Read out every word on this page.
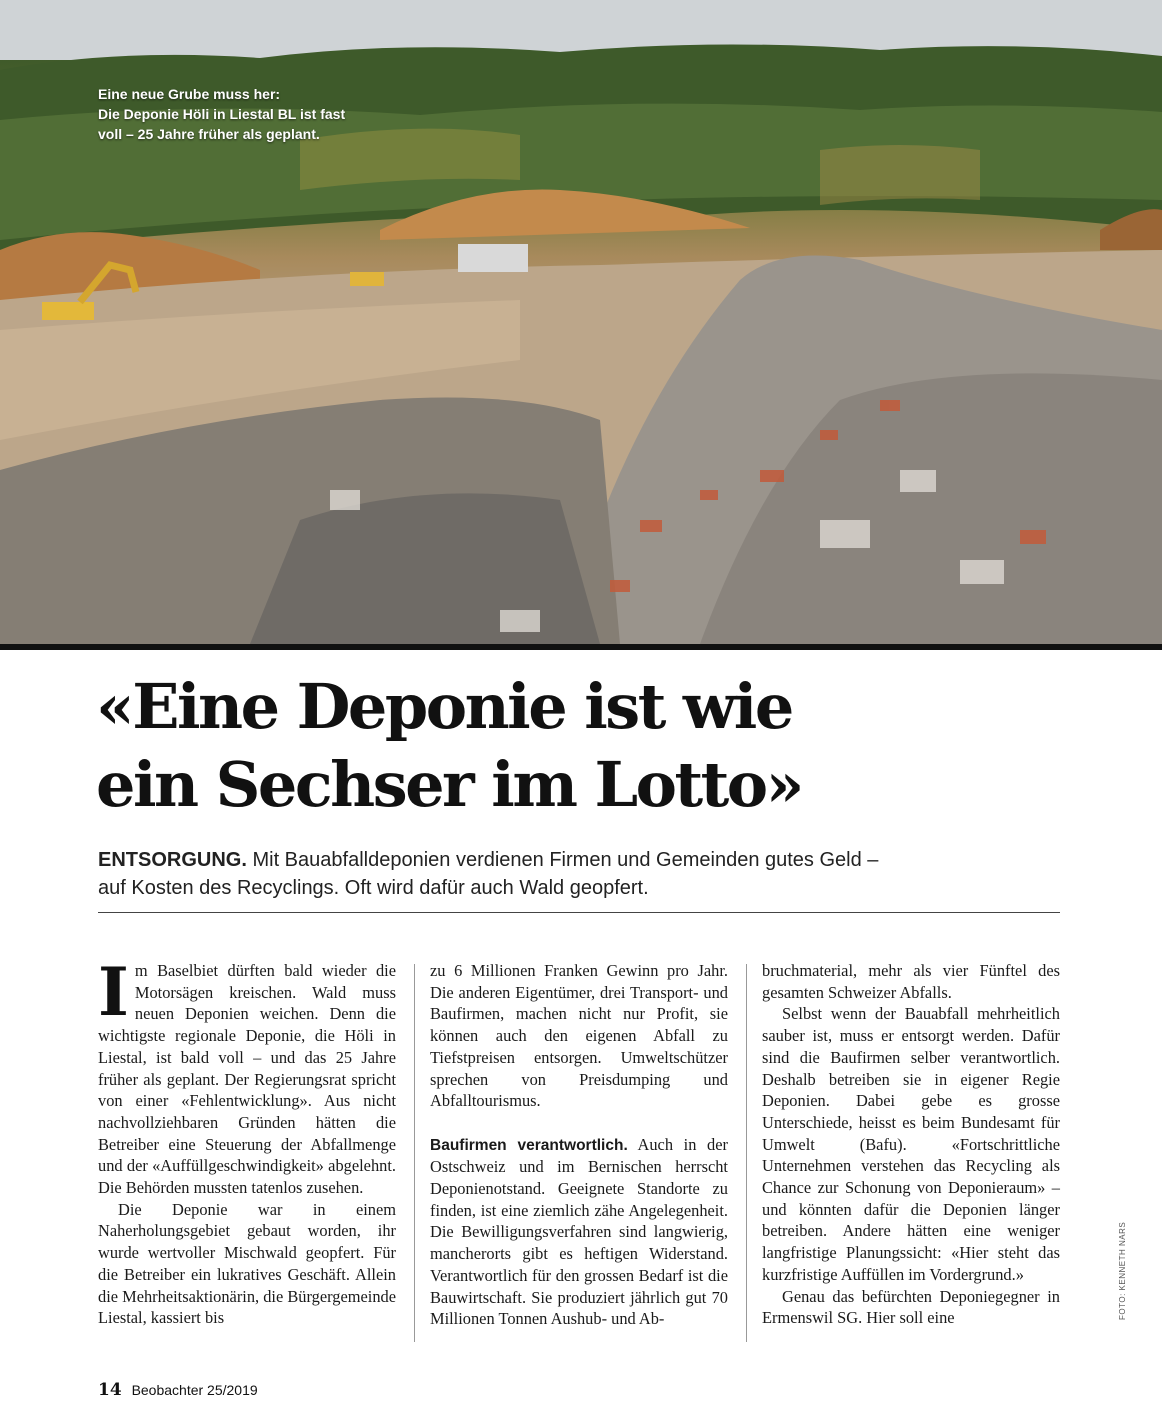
Eine neue Grube muss her:
Die Deponie Höli in Liestal BL ist fast
voll – 25 Jahre früher als geplant.
«Eine Deponie ist wie
ein Sechser im Lotto»
ENTSORGUNG. Mit Bauabfalldeponien verdienen Firmen und Gemeinden gutes Geld –
auf Kosten des Recyclings. Oft wird dafür auch Wald geopfert.

Im Baselbiet dürften bald wieder die Motorsägen kreischen. Wald muss neuen Deponien weichen. Denn die wichtigste regionale Deponie, die Höli in Liestal, ist bald voll – und das 25 Jahre früher als geplant. Der Regierungsrat spricht von einer «Fehlentwicklung». Aus nicht nachvollziehbaren Gründen hätten die Betreiber eine Steuerung der Abfallmenge und der «Auffüllgeschwindigkeit» abgelehnt. Die Behörden mussten tatenlos zusehen.

Die Deponie war in einem Naherholungsgebiet gebaut worden, ihr wurde wertvoller Mischwald geopfert. Für die Betreiber ein lukratives Geschäft. Allein die Mehrheitsaktionärin, die Bürgergemeinde Liestal, kassiert bis

zu 6 Millionen Franken Gewinn pro Jahr. Die anderen Eigentümer, drei Transport- und Baufirmen, machen nicht nur Profit, sie können auch den eigenen Abfall zu Tiefstpreisen entsorgen. Umweltschützer sprechen von Preisdumping und Abfalltourismus.

Baufirmen verantwortlich. Auch in der Ostschweiz und im Bernischen herrscht Deponienotstand. Geeignete Standorte zu finden, ist eine ziemlich zähe Angelegenheit. Die Bewilligungsverfahren sind langwierig, mancherorts gibt es heftigen Widerstand. Verantwortlich für den grossen Bedarf ist die Bauwirtschaft. Sie produziert jährlich gut 70 Millionen Tonnen Aushub- und Ab-

bruchmaterial, mehr als vier Fünftel des gesamten Schweizer Abfalls.

Selbst wenn der Bauabfall mehrheitlich sauber ist, muss er entsorgt werden. Dafür sind die Baufirmen selber verantwortlich. Deshalb betreiben sie in eigener Regie Deponien. Dabei gebe es grosse Unterschiede, heisst es beim Bundesamt für Umwelt (Bafu). «Fortschrittliche Unternehmen verstehen das Recycling als Chance zur Schonung von Deponieraum» – und könnten dafür die Deponien länger betreiben. Andere hätten eine weniger langfristige Planungssicht: «Hier steht das kurzfristige Auffüllen im Vordergrund.»

Genau das befürchten Deponiegegner in Ermenswil SG. Hier soll eine	FOTO: KENNETH NARS
14 Beobachter 25/2019
